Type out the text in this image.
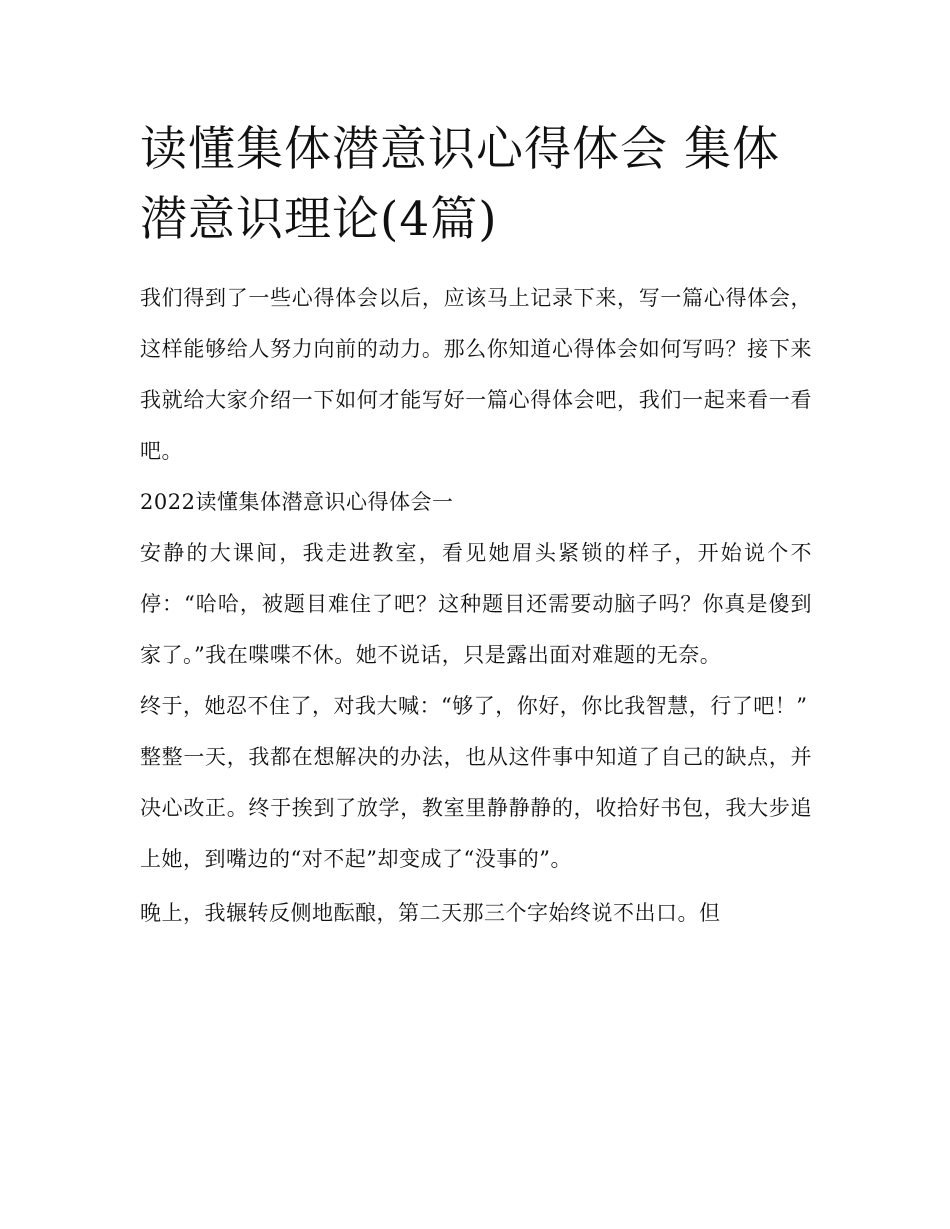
读懂集体潜意识心得体会 集体潜意识理论(4篇)

我们得到了一些心得体会以后，应该马上记录下来，写一篇心得体会，这样能够给人努力向前的动力。那么你知道心得体会如何写吗？接下来我就给大家介绍一下如何才能写好一篇心得体会吧，我们一起来看一看吧。

2022读懂集体潜意识心得体会一

安静的大课间，我走进教室，看见她眉头紧锁的样子，开始说个不停：“哈哈，被题目难住了吧？这种题目还需要动脑子吗？你真是傻到家了。”我在喋喋不休。她不说话，只是露出面对难题的无奈。

终于，她忍不住了，对我大喊：“够了，你好，你比我智慧，行了吧！”

整整一天，我都在想解决的办法，也从这件事中知道了自己的缺点，并决心改正。终于挨到了放学，教室里静静静的，收拾好书包，我大步追上她，到嘴边的“对不起”却变成了“没事的”。

晚上，我辗转反侧地酝酿，第二天那三个字始终说不出口。但
